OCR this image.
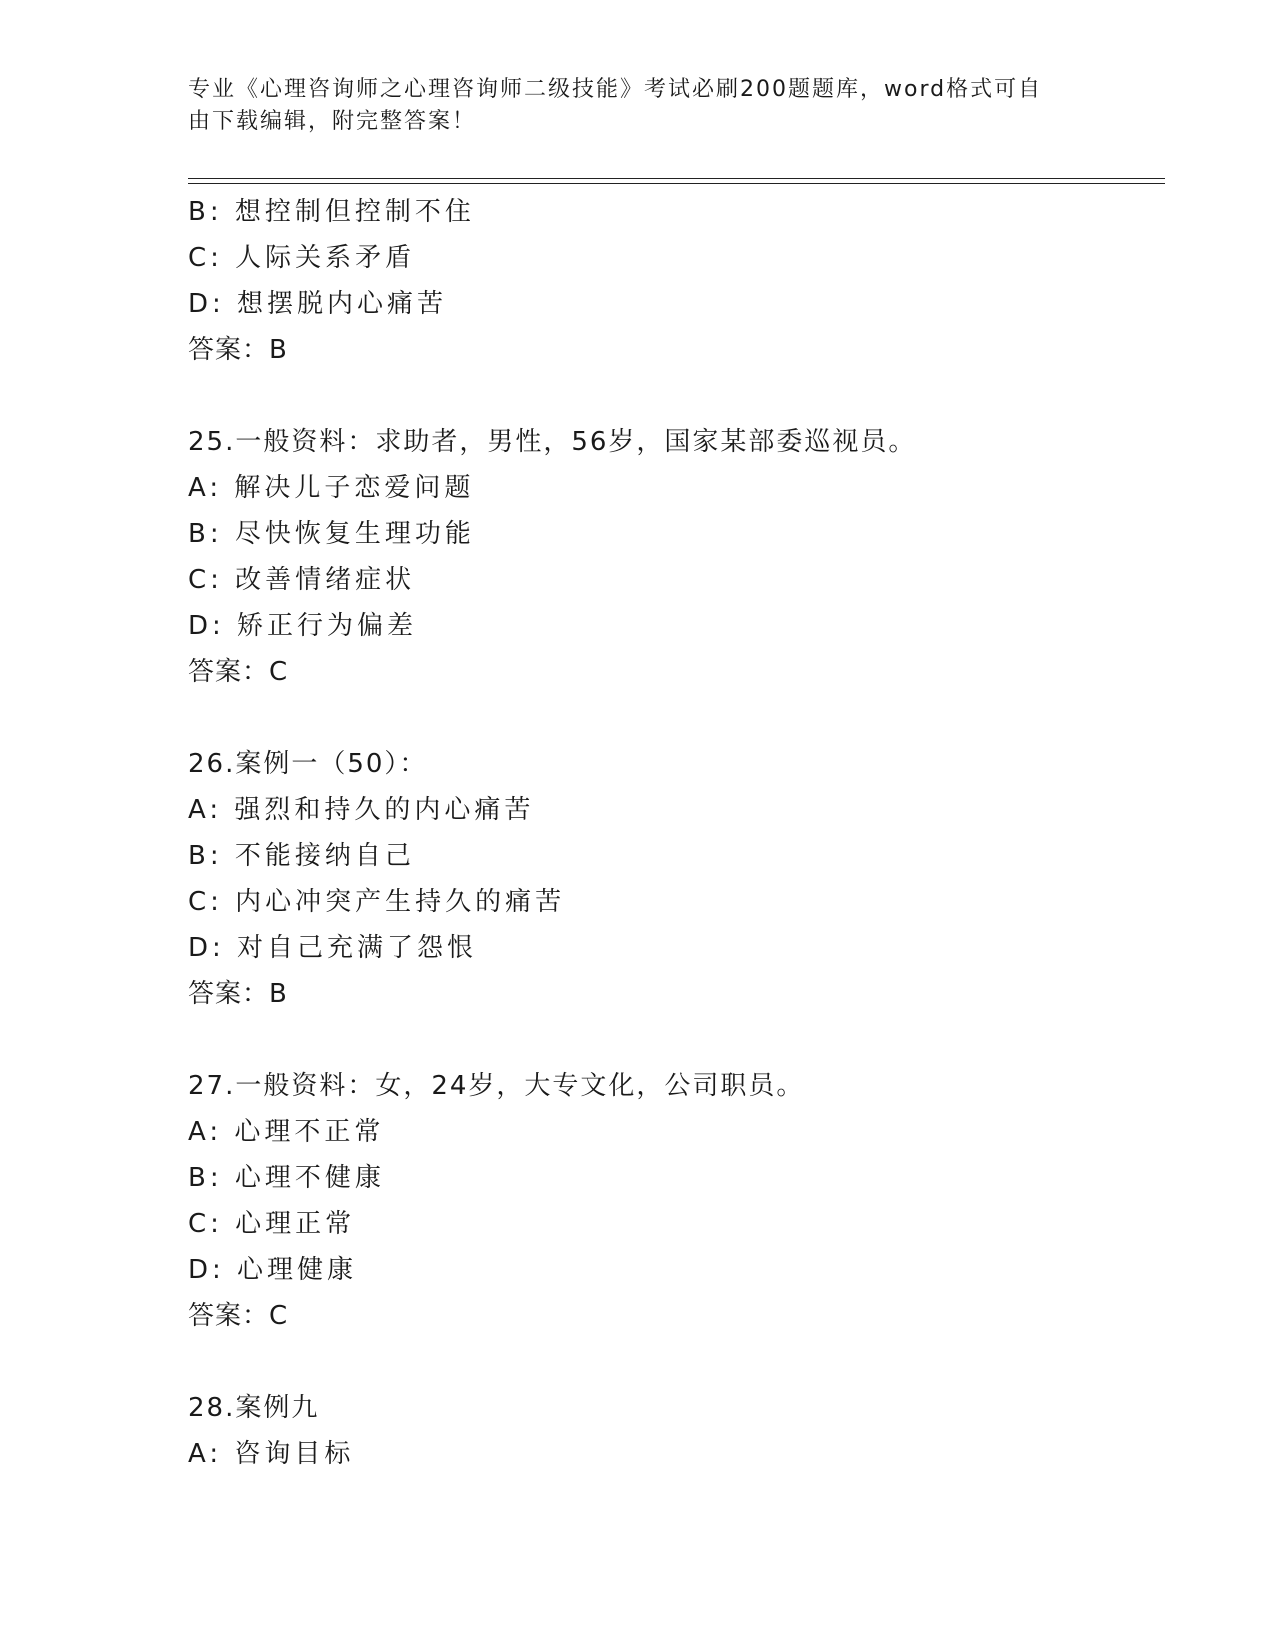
专业《心理咨询师之心理咨询师二级技能》考试必刷200题题库，word格式可自
由下载编辑，附完整答案！
B: 想控制但控制不住
C: 人际关系矛盾
D: 想摆脱内心痛苦
答案：B
25.一般资料：求助者，男性，56岁，国家某部委巡视员。
A: 解决儿子恋爱问题
B: 尽快恢复生理功能
C: 改善情绪症状
D: 矫正行为偏差
答案：C
26.案例一（50）：
A: 强烈和持久的内心痛苦
B: 不能接纳自己
C: 内心冲突产生持久的痛苦
D: 对自己充满了怨恨
答案：B
27.一般资料：女，24岁，大专文化，公司职员。
A: 心理不正常
B: 心理不健康
C: 心理正常
D: 心理健康
答案：C
28.案例九
A: 咨询目标
